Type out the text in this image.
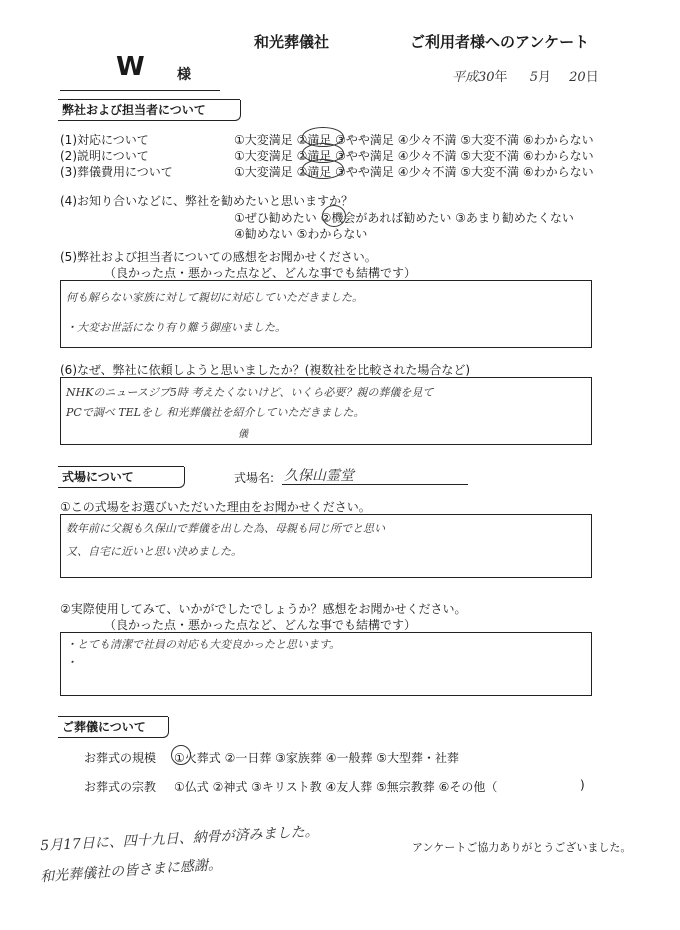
和光葬儀社	ご利用者様へのアンケート
W 様	平成30年 5月 20日
弊社および担当者について
(1)対応について	①大変満足 ②満足 ③やや満足 ④少々不満 ⑤大変不満 ⑥わからない
(2)説明について	①大変満足 ②満足 ③やや満足 ④少々不満 ⑤大変不満 ⑥わからない
(3)葬儀費用について	①大変満足 ②満足 ③やや満足 ④少々不満 ⑤大変不満 ⑥わからない
(4)お知り合いなどに、弊社を勧めたいと思いますか？
①ぜひ勧めたい ②機会があれば勧めたい ③あまり勧めたくない
④勧めない ⑤わからない
(5)弊社および担当者についての感想をお聞かせください。
（良かった点・悪かった点など、どんな事でも結構です）
何も解らない家族に対して親切に対応していただきました。
・大変お世話になり有り難う御座いました。
(6)なぜ、弊社に依頼しようと思いましたか？(複数社を比較された場合など)
NHKのニュースジブ5時 考えたくないけど、いくら必要？親の葬儀を見て
PCで調べ TELをし 和光葬儀社を紹介していただきました。
儀
式場について	式場名: 久保山霊堂
①この式場をお選びいただいた理由をお聞かせください。
数年前に父親も久保山で葬儀を出した為、母親も同じ所でと思い
又、自宅に近いと思い決めました。
②実際使用してみて、いかがでしたでしょうか？感想をお聞かせください。
（良かった点・悪かった点など、どんな事でも結構です）
・とても清潔で社員の対応も大変良かったと思います。
・
ご葬儀について
お葬式の規模 ①火葬式 ②一日葬 ③家族葬 ④一般葬 ⑤大型葬・社葬
お葬式の宗教 ①仏式 ②神式 ③キリスト教 ④友人葬 ⑤無宗教葬 ⑥その他（	)
5月17日に、四十九日、納骨が済みました。
和光葬儀社の皆さまに感謝。
アンケートご協力ありがとうございました。
